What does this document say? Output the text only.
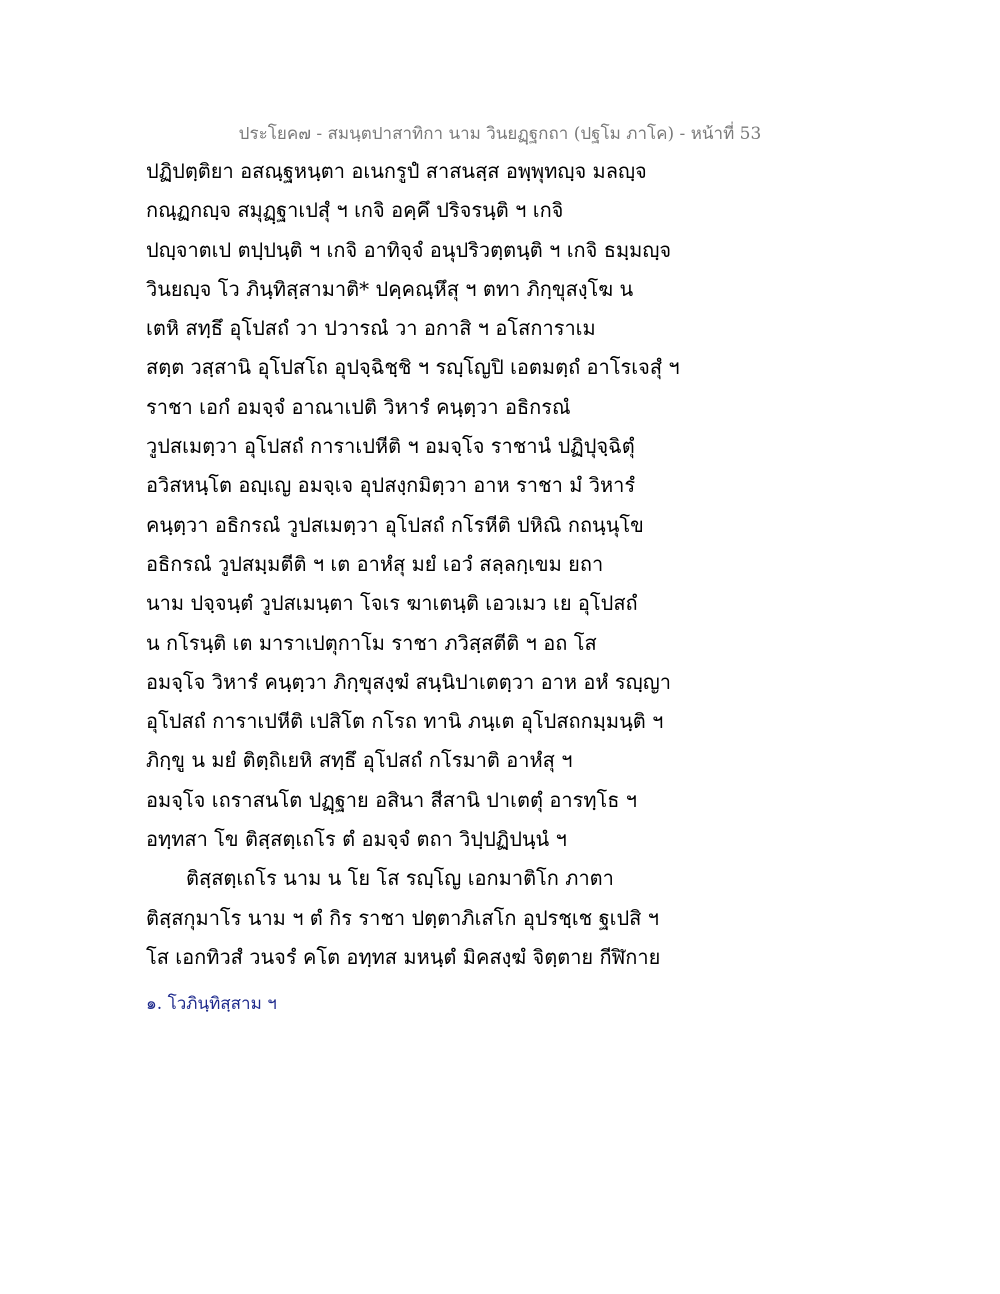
ประโยค๗ - สมนฺตปาสาทิกา นาม วินยฏฺฐกถา (ปฐโม ภาโค) - หน้าที่ 53
ปฏิปตฺติยา อสณฺฐหนฺตา อเนกรูปํ สาสนสฺส อพฺพุทญฺจ มลญฺจ
กณฺฏกญฺจ สมุฏฺฐาเปสุํ ฯ เกจิ อคฺคึ ปริจรนฺติ ฯ เกจิ
ปญฺจาตเป ตปฺปนฺติ ฯ เกจิ อาทิจฺจํ อนุปริวตฺตนฺติ ฯ เกจิ ธมฺมญฺจ
วินยญฺจ โว ภินฺทิสฺสามาติ* ปคฺคณฺหึสุ ฯ ตทา ภิกฺขุสงฺโฆ น
เตหิ สทฺธึ อุโปสถํ วา ปวารณํ วา อกาสิ ฯ อโสการาเม
สตฺต วสฺสานิ อุโปสโถ อุปจฺฉิชฺชิ ฯ รญฺโญปิ เอตมตฺถํ อาโรเจสุํ ฯ
ราชา เอกํ อมจฺจํ อาณาเปติ วิหารํ คนฺตฺวา อธิกรณํ
วูปสเมตฺวา อุโปสถํ การาเปหีติ ฯ อมจฺโจ ราชานํ ปฏิปุจฺฉิตุํ
อวิสหนฺโต อญฺเญ อมจฺเจ อุปสงฺกมิตฺวา อาห ราชา มํ วิหารํ
คนฺตฺวา อธิกรณํ วูปสเมตฺวา อุโปสถํ กโรหีติ ปหิณิ กถนฺนุโข
อธิกรณํ วูปสมฺมตีติ ฯ เต อาหํสุ มยํ เอวํ สลฺลกฺเขม ยถา
นาม ปจฺจนฺตํ วูปสเมนฺตา โจเร ฆาเตนฺติ เอวเมว เย อุโปสถํ
น กโรนฺติ เต มาราเปตุกาโม ราชา ภวิสฺสตีติ ฯ อถ โส
อมจฺโจ วิหารํ คนฺตฺวา ภิกฺขุสงฺฆํ สนฺนิปาเตตฺวา อาห อหํ รญฺญา
อุโปสถํ การาเปหีติ เปสิโต กโรถ ทานิ ภนฺเต อุโปสถกมฺมนฺติ ฯ
ภิกฺขู น มยํ ติตฺถิเยหิ สทฺธึ อุโปสถํ กโรมาติ อาหํสุ ฯ
อมจฺโจ เถราสนโต ปฏฺฐาย อสินา สีสานิ ปาเตตุํ อารทฺโธ ฯ
อทฺทสา โข ติสฺสตฺเถโร ตํ อมจฺจํ ตถา วิปฺปฏิปนฺนํ ฯ
ติสฺสตฺเถโร นาม น โย โส รญฺโญ เอกมาติโก ภาตา
ติสฺสกุมาโร นาม ฯ ตํ กิร ราชา ปตฺตาภิเสโก อุปรชฺเช ฐเปสิ ฯ
โส เอกทิวสํ วนจรํ คโต อทฺทส มหนฺตํ มิคสงฺฆํ จิตฺตาย กีฬิกาย
๑. โวภินฺทิสฺสาม ฯ
